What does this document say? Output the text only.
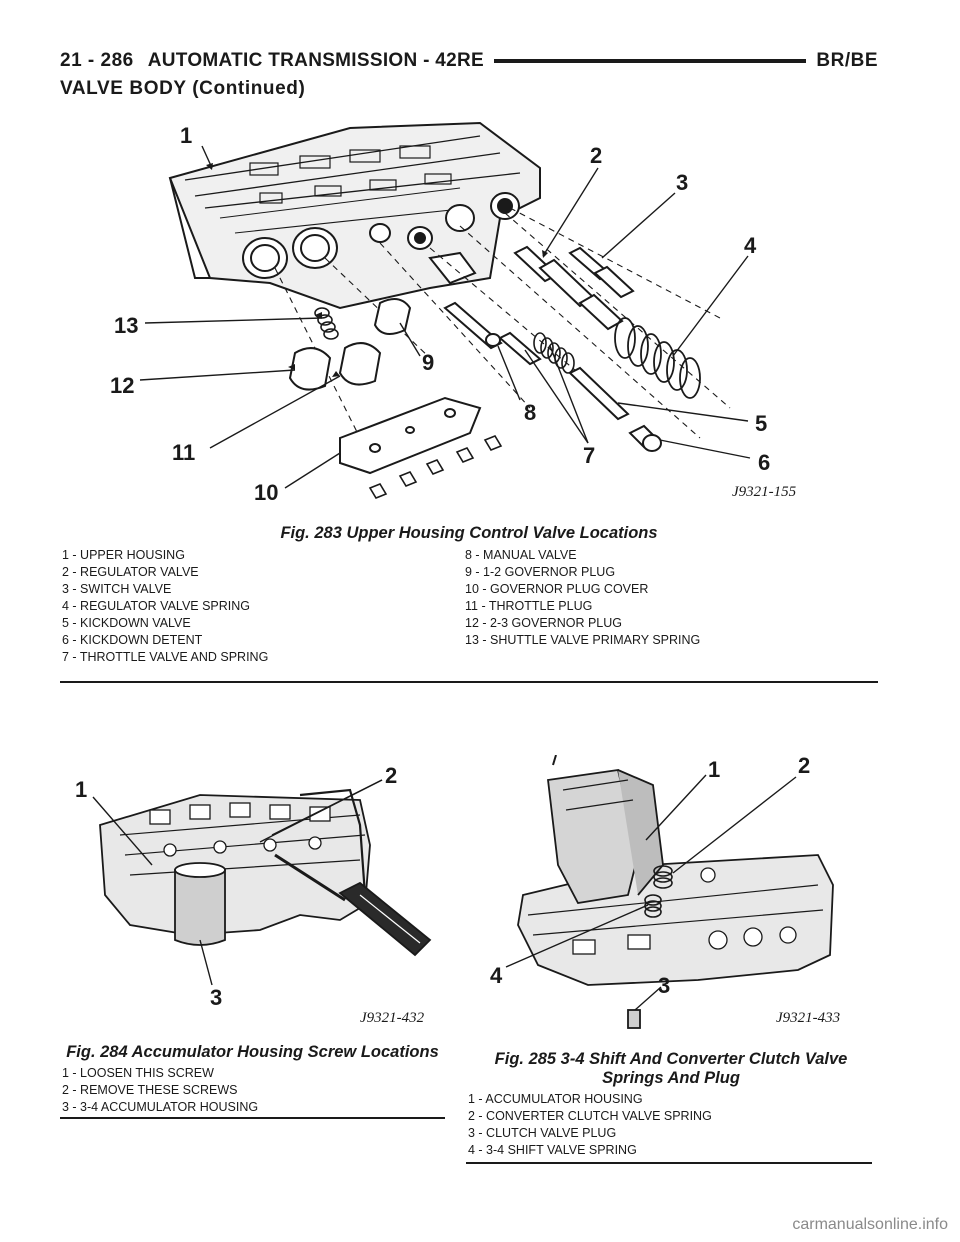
21 - 286 AUTOMATIC TRANSMISSION - 42RE	BR/BE
VALVE BODY (Continued)
1
2
3
4
5
6
7
8
9
10
11
12
13
J9321-155
Fig. 283 Upper Housing Control Valve Locations
1 - UPPER HOUSING
2 - REGULATOR VALVE
3 - SWITCH VALVE
4 - REGULATOR VALVE SPRING
5 - KICKDOWN VALVE
6 - KICKDOWN DETENT
7 - THROTTLE VALVE AND SPRING
8 - MANUAL VALVE
9 - 1-2 GOVERNOR PLUG
10 - GOVERNOR PLUG COVER
11 - THROTTLE PLUG
12 - 2-3 GOVERNOR PLUG
13 - SHUTTLE VALVE PRIMARY SPRING
1
2
3
J9321-432
Fig. 284 Accumulator Housing Screw Locations
1 - LOOSEN THIS SCREW
2 - REMOVE THESE SCREWS
3 - 3-4 ACCUMULATOR HOUSING
1	2
3
4
J9321-433
Fig. 285 3-4 Shift And Converter Clutch Valve
Springs And Plug
1 - ACCUMULATOR HOUSING
2 - CONVERTER CLUTCH VALVE SPRING
3 - CLUTCH VALVE PLUG
4 - 3-4 SHIFT VALVE SPRING
carmanualsonline.info
